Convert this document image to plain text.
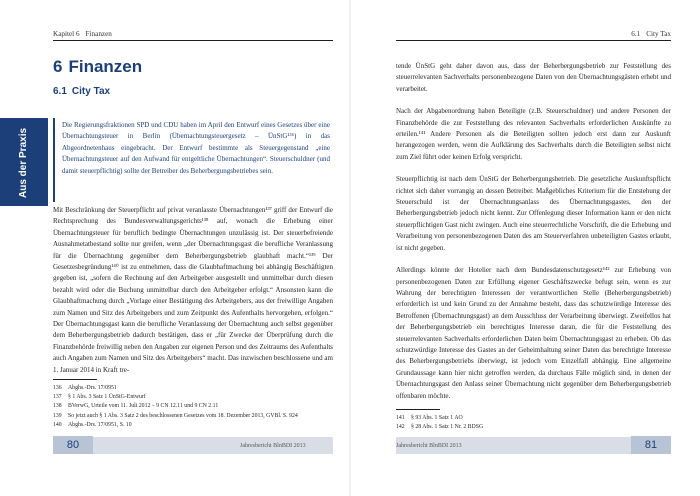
Kapitel 6 Finanzen
6 Finanzen
6.1 City Tax
Aus der Praxis

Die Regierungsfraktionen SPD und CDU haben im April den Entwurf eines Gesetzes über eine Übernachtungsteuer in Berlin (Übernachtungsteuergesetz – ÜnStG¹³⁶) in das Abgeordnetenhaus eingebracht. Der Entwurf bestimmte als Steuergegenstand „eine Übernachtungsteuer auf den Aufwand für entgeltliche Übernachtungen“. Steuerschuldner (und damit steuerpflichtig) sollte der Betreiber des Beherbergungsbetriebes sein.

Mit Beschränkung der Steuerpflicht auf privat veranlasste Übernachtungen¹³⁷ griff der Entwurf die Rechtsprechung des Bundesverwaltungsgerichts¹³⁸ auf, wonach die Erhebung einer Übernachtungsteuer für beruflich bedingte Übernachtungen unzulässig ist. Der steuerbefreiende Ausnahmetatbestand sollte nur greifen, wenn „der Übernachtungsgast die berufliche Veranlassung für die Übernachtung gegenüber dem Beherbergungsbetrieb glaubhaft macht.“¹³⁹ Der Gesetzesbegründung¹⁴⁰ ist zu entnehmen, dass die Glaubhaftmachung bei abhängig Beschäftigten gegeben ist, „sofern die Rechnung auf den Arbeitgeber ausgestellt und unmittelbar durch diesen bezahlt wird oder die Buchung unmittelbar durch den Arbeitgeber erfolgt.“ Ansonsten kann die Glaubhaftmachung durch „Vorlage einer Bestätigung des Arbeitgebers, aus der freiwillige Angaben zum Namen und Sitz des Arbeitgebers und zum Zeitpunkt des Aufenthalts hervorgehen, erfolgen.“ Der Übernachtungsgast kann die berufliche Veranlassung der Übernachtung auch selbst gegenüber dem Beherbergungsbetrieb dadurch bestätigen, dass er „für Zwecke der Überprüfung durch die Finanzbehörde freiwillig neben den Angaben zur eigenen Person und des Zeitraums des Aufenthalts auch Angaben zum Namen und Sitz des Arbeitgebers“ macht. Das inzwischen beschlossene und am 1. Januar 2014 in Kraft tre-

136 Abghs.-Drs. 17/0951
137 § 1 Abs. 3 Satz 1 ÜnStG-Entwurf
138 BVerwG, Urteile vom 11. Juli 2012 – 9 CN 12.11 und 9 CN 2.11
139	So jetzt auch § 1 Abs. 3 Satz 2 des beschlossenen Gesetzes vom 18. Dezember 2013, GVBl. S. 924
140 Abghs.-Drs. 17/0951, S. 10
80	Jahresbericht BlnBDI 2013
6.1 City Tax

tende ÜnStG geht daher davon aus, dass der Beherbergungsbetrieb zur Feststellung des steuerrelevanten Sachverhalts personenbezogene Daten von den Übernachtungsgästen erhebt und verarbeitet.

Nach der Abgabenordnung haben Beteiligte (z.B. Steuerschuldner) und andere Personen der Finanzbehörde die zur Feststellung des relevanten Sachverhalts erforderlichen Auskünfte zu erteilen.¹⁴¹ Andere Personen als die Beteiligten sollten jedoch erst dann zur Auskunft herangezogen werden, wenn die Aufklärung des Sachverhalts durch die Beteiligten selbst nicht zum Ziel führt oder keinen Erfolg verspricht.

Steuerpflichtig ist nach dem ÜnStG der Beherbergungsbetrieb. Die gesetzliche Auskunftspflicht richtet sich daher vorrangig an dessen Betreiber. Maßgebliches Kriterium für die Entstehung der Steuerschuld ist der Übernachtungsanlass des Übernachtungsgastes, den der Beherbergungsbetrieb jedoch nicht kennt. Zur Offenlegung dieser Information kann er den nicht steuerpflichtigen Gast nicht zwingen. Auch eine steuerrechtliche Vorschrift, die die Erhebung und Verarbeitung von personenbezogenen Daten des am Steuerverfahren unbeteiligten Gastes erlaubt, ist nicht gegeben.

Allerdings könnte der Hotelier nach dem Bundesdatenschutzgesetz¹⁴² zur Erhebung von personenbezogenen Daten zur Erfüllung eigener Geschäftszwecke befugt sein, wenn es zur Wahrung der berechtigten Interessen der verantwortlichen Stelle (Beherbergungsbetrieb) erforderlich ist und kein Grund zu der Annahme besteht, dass das schutzwürdige Interesse des Betroffenen (Übernachtungsgast) an dem Ausschluss der Verarbeitung überwiegt. Zweifellos hat der Beherbergungsbetrieb ein berechtigtes Interesse daran, die für die Feststellung des steuerrelevanten Sachverhalts erforderlichen Daten beim Übernachtungsgast zu erheben. Ob das schutzwürdige Interesse des Gastes an der Geheimhaltung seiner Daten das berechtigte Interesse des Beherbergungsbetriebs überwiegt, ist jedoch vom Einzelfall abhängig. Eine allgemeine Grundaussage kann hier nicht getroffen werden, da durchaus Fälle möglich sind, in denen der Übernachtungsgast den Anlass seiner Übernachtung nicht gegenüber dem Beherbergungsbetrieb offenbaren möchte.

141 § 93 Abs. 1 Satz 1 AO
142 § 28 Abs. 1 Satz 1 Nr. 2 BDSG
Jahresbericht BlnBDI 2013	81
